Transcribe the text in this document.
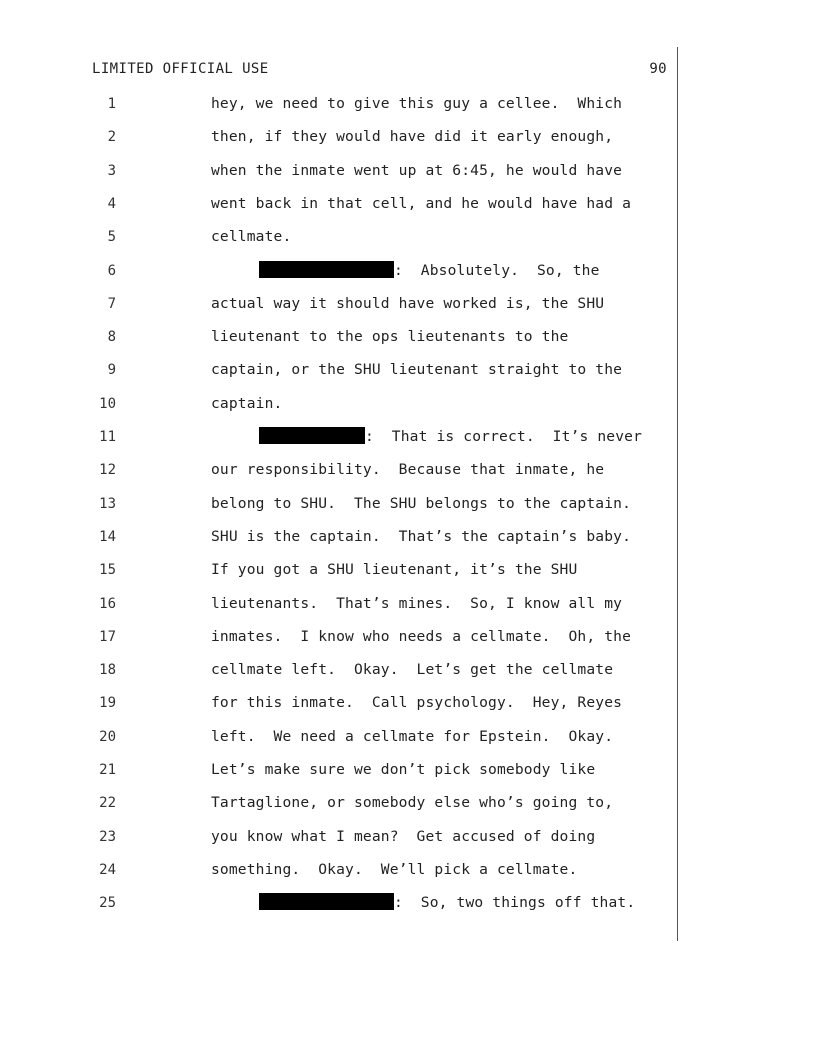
LIMITED OFFICIAL USE	90
1	hey, we need to give this guy a cellee.  Which
2	then, if they would have did it early enough,
3	when the inmate went up at 6:45, he would have
4	went back in that cell, and he would have had a
5	cellmate.
6	:  Absolutely.  So, the
7	actual way it should have worked is, the SHU
8	lieutenant to the ops lieutenants to the
9	captain, or the SHU lieutenant straight to the
10	captain.
11	:  That is correct.  It’s never
12	our responsibility.  Because that inmate, he
13	belong to SHU.  The SHU belongs to the captain.
14	SHU is the captain.  That’s the captain’s baby.
15	If you got a SHU lieutenant, it’s the SHU
16	lieutenants.  That’s mines.  So, I know all my
17	inmates.  I know who needs a cellmate.  Oh, the
18	cellmate left.  Okay.  Let’s get the cellmate
19	for this inmate.  Call psychology.  Hey, Reyes
20	left.  We need a cellmate for Epstein.  Okay.
21	Let’s make sure we don’t pick somebody like
22	Tartaglione, or somebody else who’s going to,
23	you know what I mean?  Get accused of doing
24	something.  Okay.  We’ll pick a cellmate.
25	:  So, two things off that.
